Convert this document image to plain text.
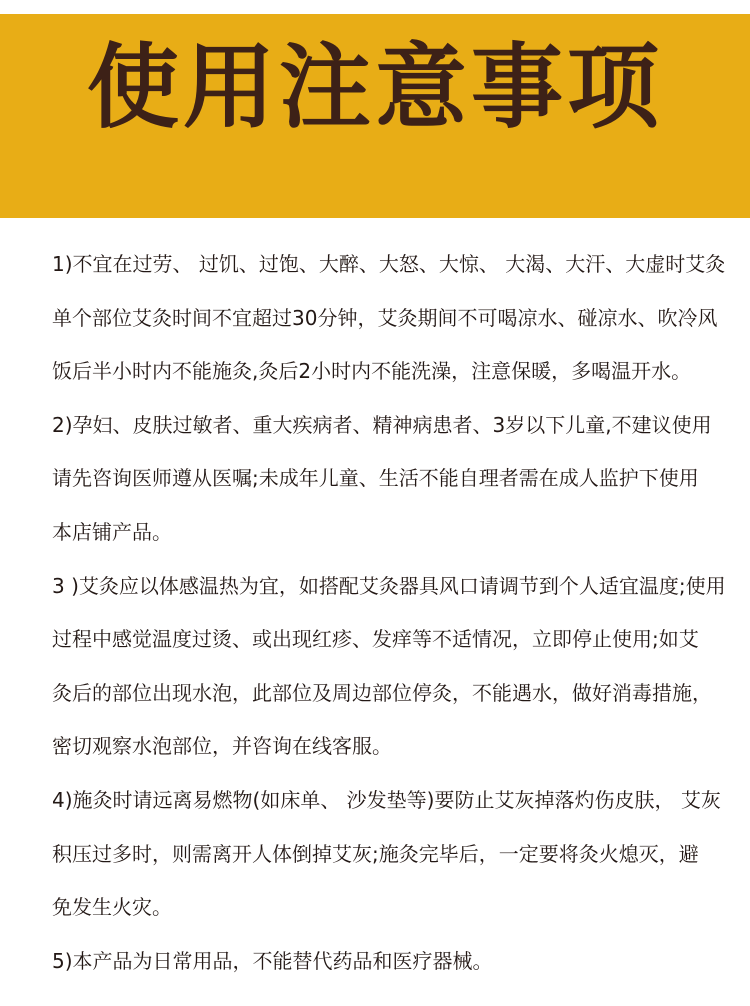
使用注意事项
1)不宜在过劳、 过饥、过饱、大醉、大怒、大惊、 大渴、大汗、大虚时艾灸
单个部位艾灸时间不宜超过30分钟，艾灸期间不可喝凉水、碰凉水、吹冷风
饭后半小时内不能施灸,灸后2小时内不能洗澡，注意保暖，多喝温开水。
2)孕妇、皮肤过敏者、重大疾病者、精神病患者、3岁以下儿童,不建议使用
请先咨询医师遵从医嘱;未成年儿童、生活不能自理者需在成人监护下使用
本店铺产品。
3 )艾灸应以体感温热为宜，如搭配艾灸器具风口请调节到个人适宜温度;使用
过程中感觉温度过烫、或出现红疹、发痒等不适情况，立即停止使用;如艾
灸后的部位出现水泡，此部位及周边部位停灸，不能遇水，做好消毒措施，
密切观察水泡部位，并咨询在线客服。
4)施灸时请远离易燃物(如床单、 沙发垫等)要防止艾灰掉落灼伤皮肤， 艾灰
积压过多时，则需离开人体倒掉艾灰;施灸完毕后，一定要将灸火熄灭，避
免发生火灾。
5)本产品为日常用品，不能替代药品和医疗器械。
